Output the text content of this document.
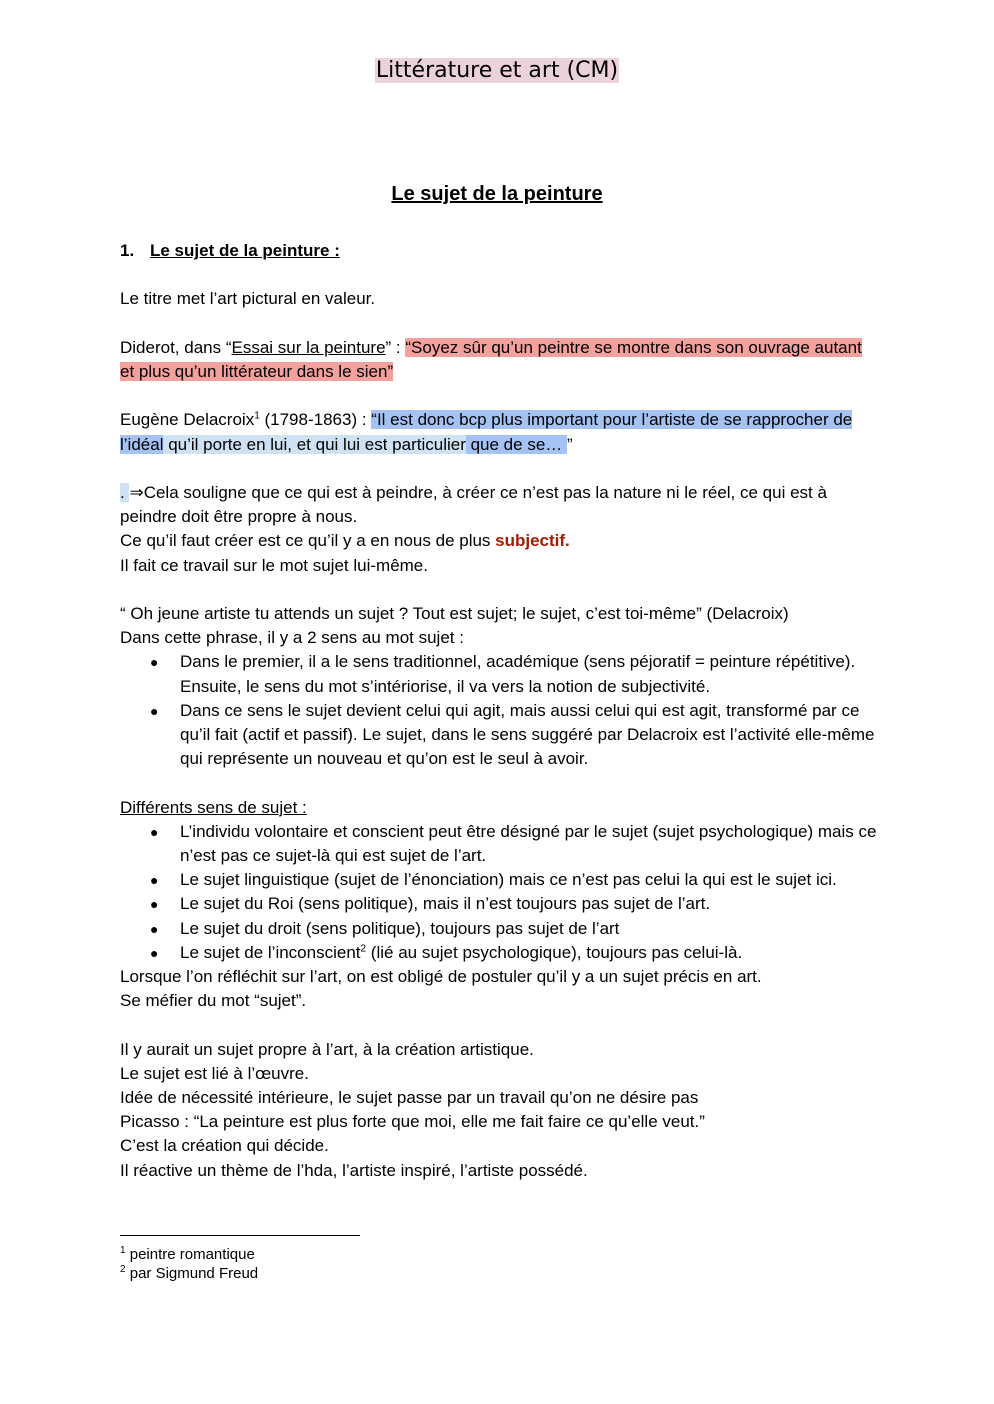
Littérature et art (CM)
Le sujet de la peinture

1. Le sujet de la peinture :

Le titre met l’art pictural en valeur.

Diderot, dans “Essai sur la peinture” : “Soyez sûr qu’un peintre se montre dans son ouvrage autant et plus qu’un littérateur dans le sien”

Eugène Delacroix$^1$ (1798-1863) : “Il est donc bcp plus important pour l’artiste de se rapprocher de l’idéal qu’il porte en lui, et qui lui est particulier que de se… ”

. ⇒Cela souligne que ce qui est à peindre, à créer ce n’est pas la nature ni le réel, ce qui est à peindre doit être propre à nous.

Ce qu’il faut créer est ce qu’il y a en nous de plus subjectif.

Il fait ce travail sur le mot sujet lui-même.

“ Oh jeune artiste tu attends un sujet ? Tout est sujet; le sujet, c’est toi-même” (Delacroix)

Dans cette phrase, il y a 2 sens au mot sujet :

● Dans le premier, il a le sens traditionnel, académique (sens péjoratif = peinture répétitive). Ensuite, le sens du mot s’intériorise, il va vers la notion de subjectivité.
● Dans ce sens le sujet devient celui qui agit, mais aussi celui qui est agit, transformé par ce qu’il fait (actif et passif). Le sujet, dans le sens suggéré par Delacroix est l’activité elle-même qui représente un nouveau et qu’on est le seul à avoir.

Différents sens de sujet :

● L’individu volontaire et conscient peut être désigné par le sujet (sujet psychologique) mais ce n’est pas ce sujet-là qui est sujet de l’art.
● Le sujet linguistique (sujet de l’énonciation) mais ce n’est pas celui la qui est le sujet ici.
● Le sujet du Roi (sens politique), mais il n’est toujours pas sujet de l’art.
● Le sujet du droit (sens politique), toujours pas sujet de l’art
● Le sujet de l’inconscient$^2$ (lié au sujet psychologique), toujours pas celui-là.

Lorsque l’on réfléchit sur l’art, on est obligé de postuler qu’il y a un sujet précis en art.

Se méfier du mot “sujet”.

Il y aurait un sujet propre à l’art, à la création artistique.

Le sujet est lié à l’œuvre.

Idée de nécessité intérieure, le sujet passe par un travail qu’on ne désire pas

Picasso : “La peinture est plus forte que moi, elle me fait faire ce qu’elle veut.”

C’est la création qui décide.

Il réactive un thème de l’hda, l’artiste inspiré, l’artiste possédé.

$^1$ peintre romantique
$^2$ par Sigmund Freud
